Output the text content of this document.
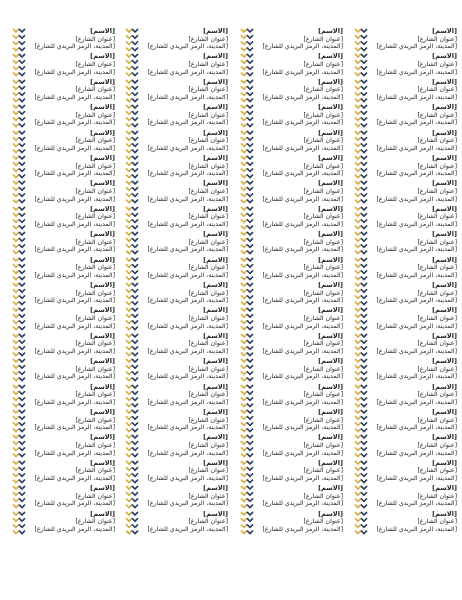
[الاسم]
[عنوان الشارع]
[المدينة، الرمز البريدي للشارع]
[الاسم]
[عنوان الشارع]
[المدينة، الرمز البريدي للشارع]
[الاسم]
[عنوان الشارع]
[المدينة، الرمز البريدي للشارع]
[الاسم]
[عنوان الشارع]
[المدينة، الرمز البريدي للشارع]
[الاسم]
[عنوان الشارع]
[المدينة، الرمز البريدي للشارع]
[الاسم]
[عنوان الشارع]
[المدينة، الرمز البريدي للشارع]
[الاسم]
[عنوان الشارع]
[المدينة، الرمز البريدي للشارع]
[الاسم]
[عنوان الشارع]
[المدينة، الرمز البريدي للشارع]
[الاسم]
[عنوان الشارع]
[المدينة، الرمز البريدي للشارع]
[الاسم]
[عنوان الشارع]
[المدينة، الرمز البريدي للشارع]
[الاسم]
[عنوان الشارع]
[المدينة، الرمز البريدي للشارع]
[الاسم]
[عنوان الشارع]
[المدينة، الرمز البريدي للشارع]
[الاسم]
[عنوان الشارع]
[المدينة، الرمز البريدي للشارع]
[الاسم]
[عنوان الشارع]
[المدينة، الرمز البريدي للشارع]
[الاسم]
[عنوان الشارع]
[المدينة، الرمز البريدي للشارع]
[الاسم]
[عنوان الشارع]
[المدينة، الرمز البريدي للشارع]
[الاسم]
[عنوان الشارع]
[المدينة، الرمز البريدي للشارع]
[الاسم]
[عنوان الشارع]
[المدينة، الرمز البريدي للشارع]
[الاسم]
[عنوان الشارع]
[المدينة، الرمز البريدي للشارع]
[الاسم]
[عنوان الشارع]
[المدينة، الرمز البريدي للشارع]
[الاسم]
[عنوان الشارع]
[المدينة، الرمز البريدي للشارع]
[الاسم]
[عنوان الشارع]
[المدينة، الرمز البريدي للشارع]
[الاسم]
[عنوان الشارع]
[المدينة، الرمز البريدي للشارع]
[الاسم]
[عنوان الشارع]
[المدينة، الرمز البريدي للشارع]
[الاسم]
[عنوان الشارع]
[المدينة، الرمز البريدي للشارع]
[الاسم]
[عنوان الشارع]
[المدينة، الرمز البريدي للشارع]
[الاسم]
[عنوان الشارع]
[المدينة، الرمز البريدي للشارع]
[الاسم]
[عنوان الشارع]
[المدينة، الرمز البريدي للشارع]
[الاسم]
[عنوان الشارع]
[المدينة، الرمز البريدي للشارع]
[الاسم]
[عنوان الشارع]
[المدينة، الرمز البريدي للشارع]
[الاسم]
[عنوان الشارع]
[المدينة، الرمز البريدي للشارع]
[الاسم]
[عنوان الشارع]
[المدينة، الرمز البريدي للشارع]
[الاسم]
[عنوان الشارع]
[المدينة، الرمز البريدي للشارع]
[الاسم]
[عنوان الشارع]
[المدينة، الرمز البريدي للشارع]
[الاسم]
[عنوان الشارع]
[المدينة، الرمز البريدي للشارع]
[الاسم]
[عنوان الشارع]
[المدينة، الرمز البريدي للشارع]
[الاسم]
[عنوان الشارع]
[المدينة، الرمز البريدي للشارع]
[الاسم]
[عنوان الشارع]
[المدينة، الرمز البريدي للشارع]
[الاسم]
[عنوان الشارع]
[المدينة، الرمز البريدي للشارع]
[الاسم]
[عنوان الشارع]
[المدينة، الرمز البريدي للشارع]
[الاسم]
[عنوان الشارع]
[المدينة، الرمز البريدي للشارع]
[الاسم]
[عنوان الشارع]
[المدينة، الرمز البريدي للشارع]
[الاسم]
[عنوان الشارع]
[المدينة، الرمز البريدي للشارع]
[الاسم]
[عنوان الشارع]
[المدينة، الرمز البريدي للشارع]
[الاسم]
[عنوان الشارع]
[المدينة، الرمز البريدي للشارع]
[الاسم]
[عنوان الشارع]
[المدينة، الرمز البريدي للشارع]
[الاسم]
[عنوان الشارع]
[المدينة، الرمز البريدي للشارع]
[الاسم]
[عنوان الشارع]
[المدينة، الرمز البريدي للشارع]
[الاسم]
[عنوان الشارع]
[المدينة، الرمز البريدي للشارع]
[الاسم]
[عنوان الشارع]
[المدينة، الرمز البريدي للشارع]
[الاسم]
[عنوان الشارع]
[المدينة، الرمز البريدي للشارع]
[الاسم]
[عنوان الشارع]
[المدينة، الرمز البريدي للشارع]
[الاسم]
[عنوان الشارع]
[المدينة، الرمز البريدي للشارع]
[الاسم]
[عنوان الشارع]
[المدينة، الرمز البريدي للشارع]
[الاسم]
[عنوان الشارع]
[المدينة، الرمز البريدي للشارع]
[الاسم]
[عنوان الشارع]
[المدينة، الرمز البريدي للشارع]
[الاسم]
[عنوان الشارع]
[المدينة، الرمز البريدي للشارع]
[الاسم]
[عنوان الشارع]
[المدينة، الرمز البريدي للشارع]
[الاسم]
[عنوان الشارع]
[المدينة، الرمز البريدي للشارع]
[الاسم]
[عنوان الشارع]
[المدينة، الرمز البريدي للشارع]
[الاسم]
[عنوان الشارع]
[المدينة، الرمز البريدي للشارع]
[الاسم]
[عنوان الشارع]
[المدينة، الرمز البريدي للشارع]
[الاسم]
[عنوان الشارع]
[المدينة، الرمز البريدي للشارع]
[الاسم]
[عنوان الشارع]
[المدينة، الرمز البريدي للشارع]
[الاسم]
[عنوان الشارع]
[المدينة، الرمز البريدي للشارع]
[الاسم]
[عنوان الشارع]
[المدينة، الرمز البريدي للشارع]
[الاسم]
[عنوان الشارع]
[المدينة، الرمز البريدي للشارع]
[الاسم]
[عنوان الشارع]
[المدينة، الرمز البريدي للشارع]
[الاسم]
[عنوان الشارع]
[المدينة، الرمز البريدي للشارع]
[الاسم]
[عنوان الشارع]
[المدينة، الرمز البريدي للشارع]
[الاسم]
[عنوان الشارع]
[المدينة، الرمز البريدي للشارع]
[الاسم]
[عنوان الشارع]
[المدينة، الرمز البريدي للشارع]
[الاسم]
[عنوان الشارع]
[المدينة، الرمز البريدي للشارع]
[الاسم]
[عنوان الشارع]
[المدينة، الرمز البريدي للشارع]
[الاسم]
[عنوان الشارع]
[المدينة، الرمز البريدي للشارع]
[الاسم]
[عنوان الشارع]
[المدينة، الرمز البريدي للشارع]
[الاسم]
[عنوان الشارع]
[المدينة، الرمز البريدي للشارع]
[الاسم]
[عنوان الشارع]
[المدينة، الرمز البريدي للشارع]
[الاسم]
[عنوان الشارع]
[المدينة، الرمز البريدي للشارع]
[الاسم]
[عنوان الشارع]
[المدينة، الرمز البريدي للشارع]
